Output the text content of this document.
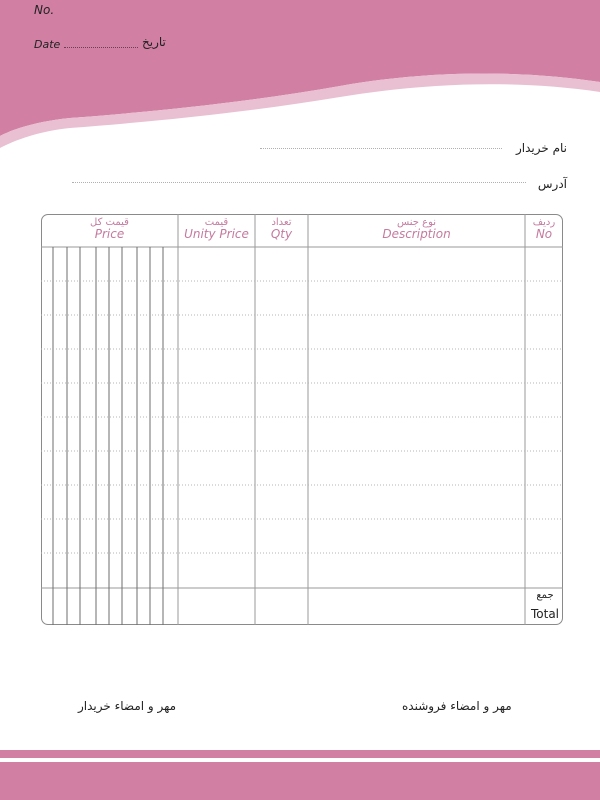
No.
Date	تاریخ
نام خریدار
آدرس
قیمت کل
Price
قیمت
Unity Price
تعداد
Qty
نوع جنس
Description
ردیف
No
جمع
Total
مهر و امضاء خریدار	مهر و امضاء فروشنده
